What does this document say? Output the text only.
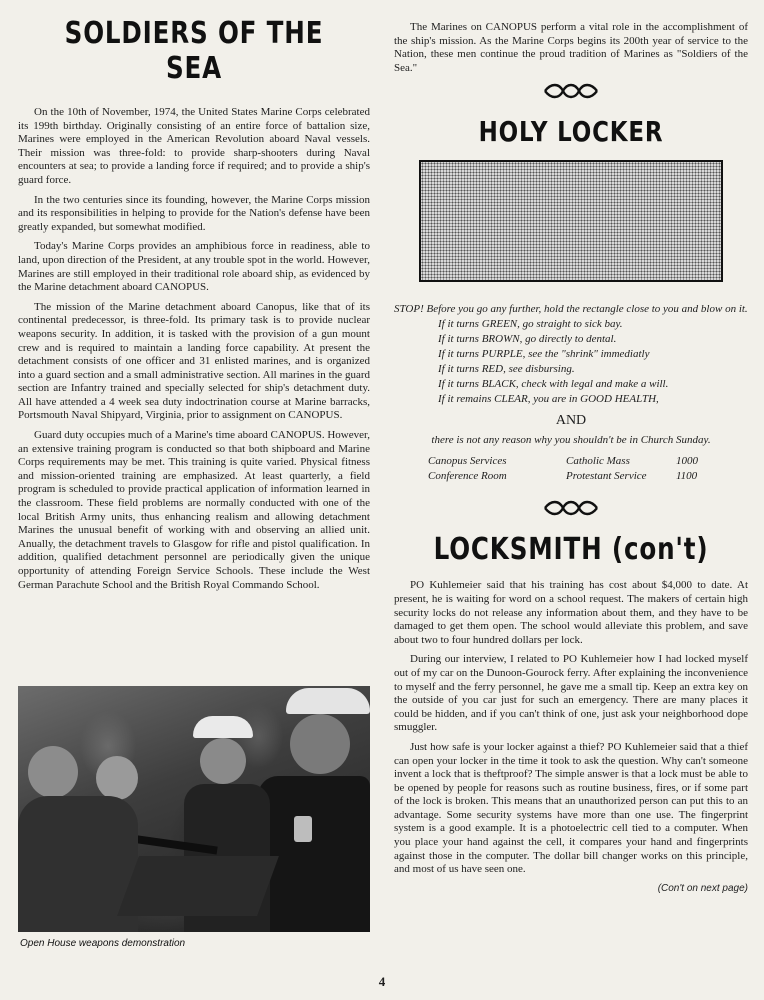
SOLDIERS OF THE SEA

On the 10th of November, 1974, the United States Marine Corps celebrated its 199th birthday. Originally consisting of an entire force of battalion size, Marines were employed in the American Revolution aboard Naval vessels. Their mission was three-fold: to provide sharp-shooters during Naval encounters at sea; to provide a landing force if required; and to provide a ship's guard force.

In the two centuries since its founding, however, the Marine Corps mission and its responsibilities in helping to provide for the Nation's defense have been greatly expanded, but somewhat modified.

Today's Marine Corps provides an amphibious force in readiness, able to land, upon direction of the President, at any trouble spot in the world. However, Marines are still employed in their traditional role aboard ship, as evidenced by the Marine detachment aboard CANOPUS.

The mission of the Marine detachment aboard Canopus, like that of its continental predecessor, is three-fold. Its primary task is to provide nuclear weapons security. In addition, it is tasked with the provision of a gun mount crew and is required to maintain a landing force capability. At present the detachment consists of one officer and 31 enlisted marines, and is organized into a guard section and a small administrative section. All marines in the guard section are Infantry trained and specially selected for ship's detachment duty. All have attended a 4 week sea duty indoctrination course at Marine barracks, Portsmouth Naval Shipyard, Virginia, prior to assignment on CANOPUS.

Guard duty occupies much of a Marine's time aboard CANOPUS. However, an extensive training program is conducted so that both shipboard and Marine Corps requirements may be met. This training is quite varied. Physical fitness and mission-oriented training are emphasized. At least quarterly, a field program is scheduled to provide practical application of information learned in the classroom. These field problems are normally conducted with one of the local British Army units, thus enhancing realism and allowing detachment Marines the unusual benefit of working with and observing an allied unit. Anually, the detachment travels to Glasgow for rifle and pistol qualification. In addition, qualified detachment personnel are periodically given the unique opportunity of attending Foreign Service Schools. These include the West German Parachute School and the British Royal Commando School.

Open House weapons demonstration

The Marines on CANOPUS perform a vital role in the accomplishment of the ship's mission. As the Marine Corps begins its 200th year of service to the Nation, these men continue the proud tradition of Marines as "Soldiers of the Sea."

HOLY LOCKER

STOP! Before you go any further, hold the rectangle close to you and blow on it.

If it turns GREEN, go straight to sick bay.
If it turns BROWN, go directly to dental.
If it turns PURPLE, see the "shrink" immediatly
If it turns RED, see disbursing.
If it turns BLACK, check with legal and make a will.
If it remains CLEAR, you are in GOOD HEALTH,
AND
there is not any reason why you shouldn't be in Church Sunday.
Canopus Services	Catholic Mass	1000
Conference Room	Protestant Service	1100
LOCKSMITH (con't)

PO Kuhlemeier said that his training has cost about $4,000 to date. At present, he is waiting for word on a school request. The makers of certain high security locks do not release any information about them, and they have to be damaged to get them open. The school would alleviate this problem, and save about two to four hundred dollars per lock.

During our interview, I related to PO Kuhlemeier how I had locked myself out of my car on the Dunoon-Gourock ferry. After explaining the inconvenience to myself and the ferry personnel, he gave me a small tip. Keep an extra key on the outside of you car just for such an emergency. There are many places it could be hidden, and if you can't think of one, just ask your neighborhood dope smuggler.

Just how safe is your locker against a thief? PO Kuhlemeier said that a thief can open your locker in the time it took to ask the question. Why can't someone invent a lock that is theftproof? The simple answer is that a lock must be able to be opened by people for reasons such as routine business, fires, or if some part of the lock is broken. This means that an unauthorized person can put this to an advantage. Some security systems have more than one use. The fingerprint system is a good example. It is a photoelectric cell tied to a computer. When you place your hand against the cell, it compares your hand and fingerprints against those in the computer. The dollar bill changer works on this principle, and most of us have seen one.

(Con't on next page)
4
